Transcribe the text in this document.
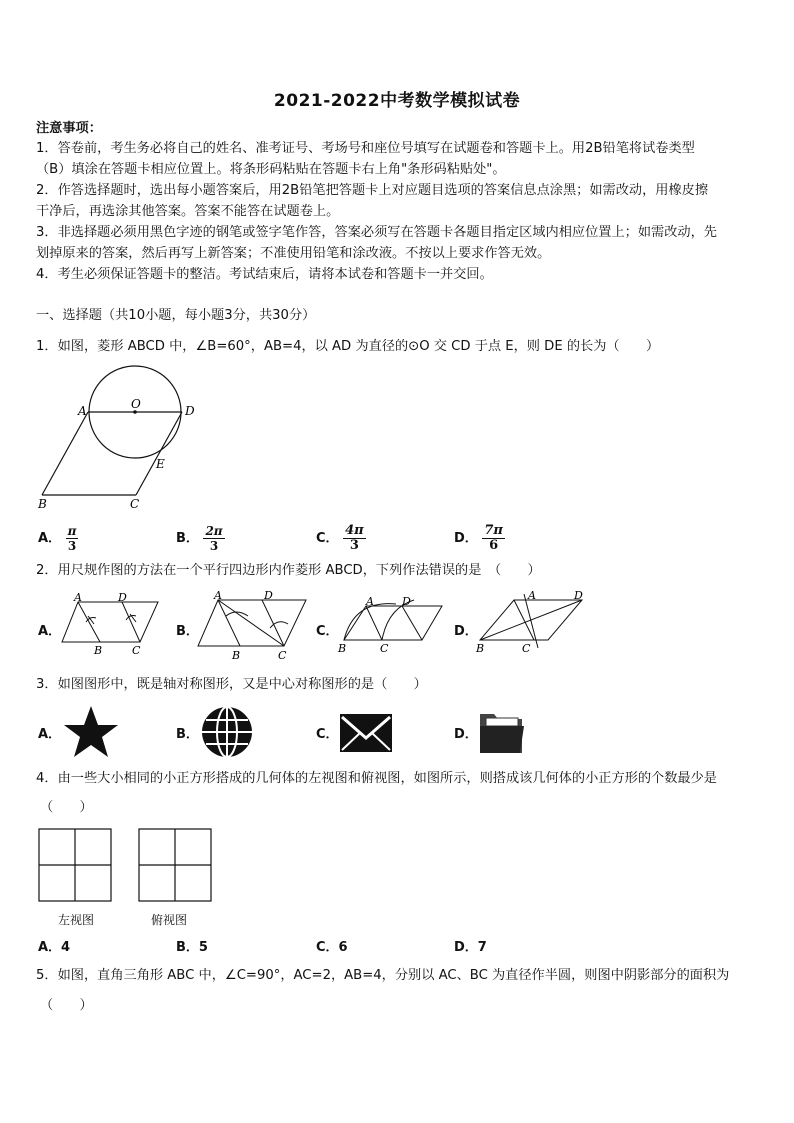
2021-2022中考数学模拟试卷
注意事项：
1．答卷前，考生务必将自己的姓名、准考证号、考场号和座位号填写在试题卷和答题卡上。用2B铅笔将试卷类型
（B）填涂在答题卡相应位置上。将条形码粘贴在答题卡右上角"条形码粘贴处"。
2．作答选择题时，选出每小题答案后，用2B铅笔把答题卡上对应题目选项的答案信息点涂黑；如需改动，用橡皮擦
干净后，再选涂其他答案。答案不能答在试题卷上。
3．非选择题必须用黑色字迹的钢笔或签字笔作答，答案必须写在答题卡各题目指定区域内相应位置上；如需改动，先
划掉原来的答案，然后再写上新答案；不准使用铅笔和涂改液。不按以上要求作答无效。
4．考生必须保证答题卡的整洁。考试结束后，请将本试卷和答题卡一并交回。
一、选择题（共10小题，每小题3分，共30分）
1．如图，菱形 ABCD 中，∠B=60°，AB=4，以 AD 为直径的⊙O 交 CD 于点 E，则 DE 的长为（　　）
A	O	D
E
B	C
A． $\frac{\pi}{3}$	B． $\frac{2\pi}{3}$	C． $\frac{4\pi}{3}$	D． $\frac{7\pi}{6}$
2．用尺规作图的方法在一个平行四边形内作菱形 ABCD，下列作法错误的是　（　　）
A．
A	D
B	C
B．
A	D
B	C
C．
A	D
B	C
D．
A	D
B	C
3．如图图形中，既是轴对称图形，又是中心对称图形的是（　　）
A．	B．	C．	D．
4．由一些大小相同的小正方形搭成的几何体的左视图和俯视图，如图所示，则搭成该几何体的小正方形的个数最少是
（　　）
左视图	俯视图
A．4	B．5	C．6	D．7
5．如图，直角三角形 ABC 中，∠C=90°，AC=2，AB=4，分别以 AC、BC 为直径作半圆，则图中阴影部分的面积为
（　　）
